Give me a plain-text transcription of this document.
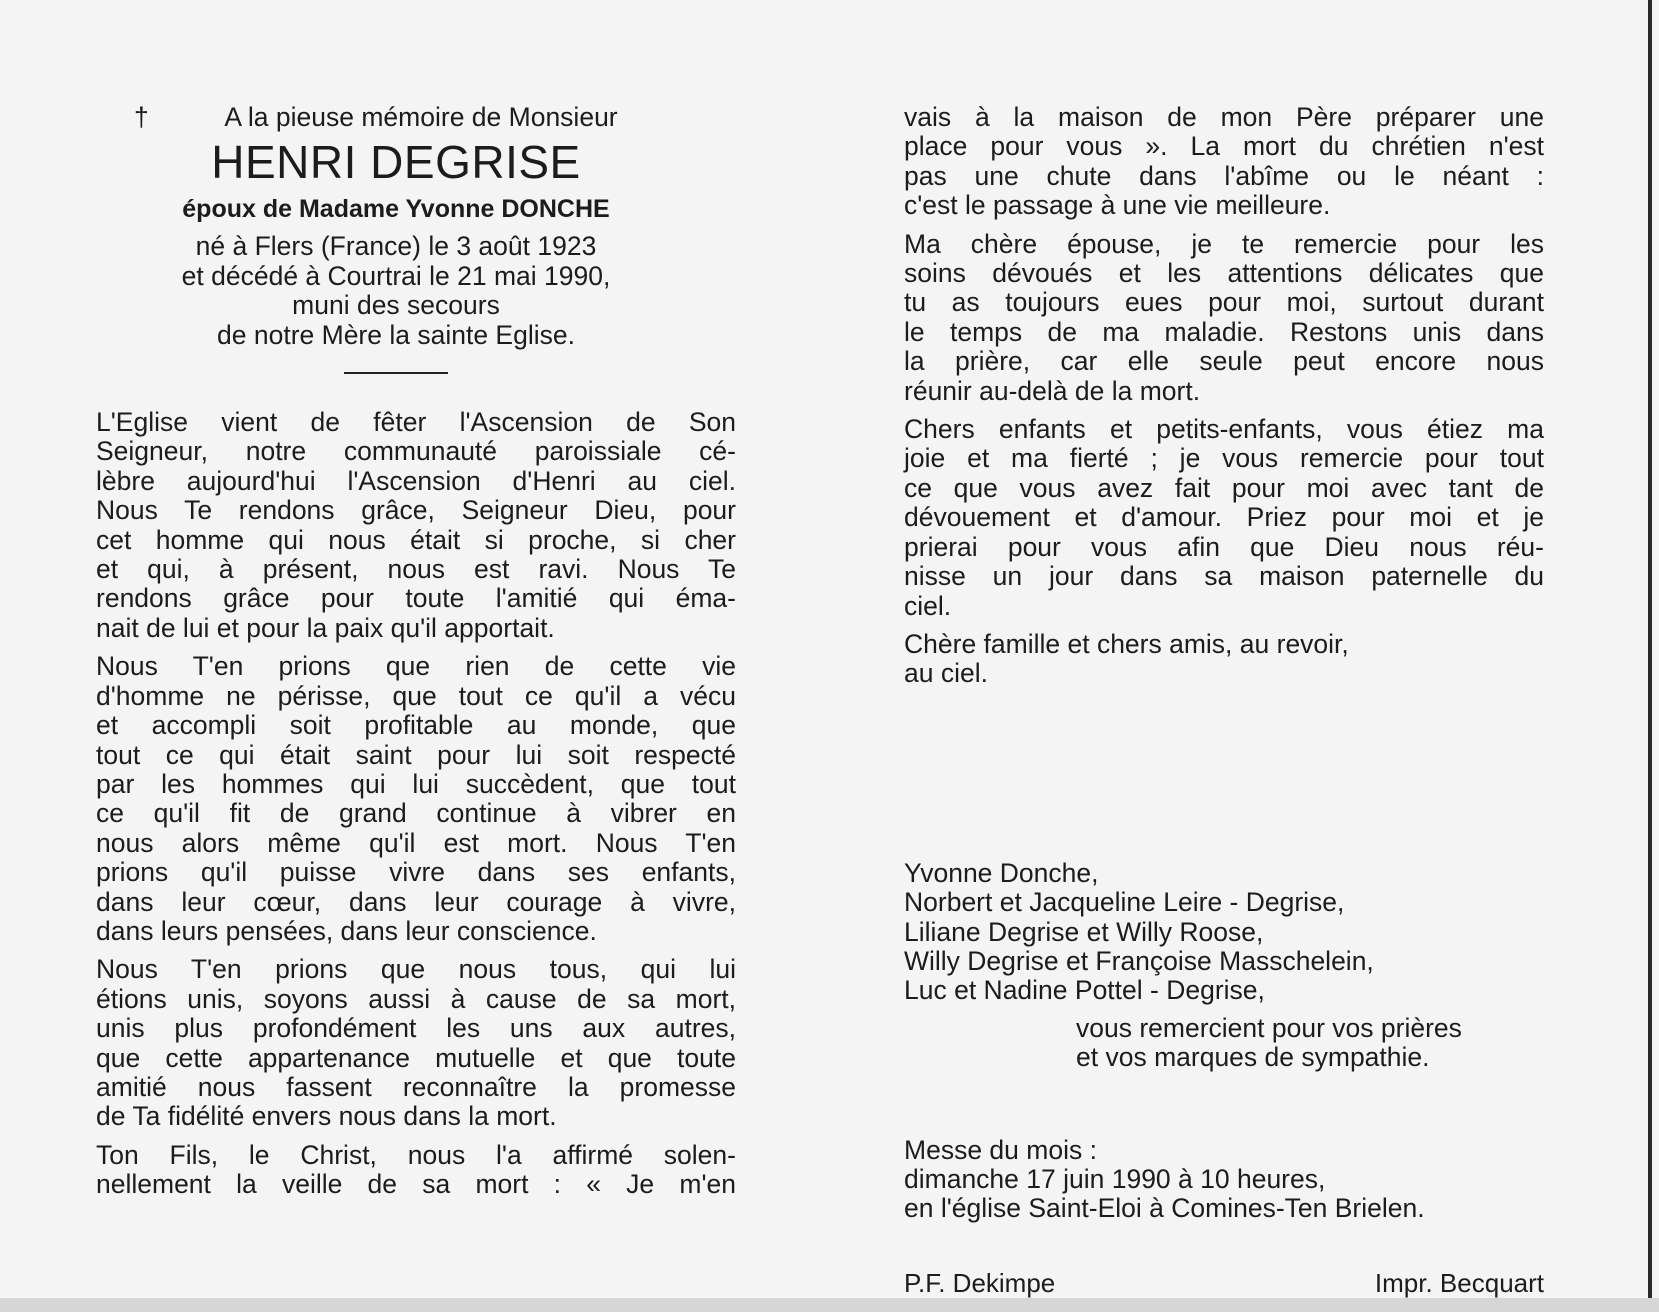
†	A la pieuse mémoire de Monsieur
HENRI DEGRISE
époux de Madame Yvonne DONCHE
né à Flers (France) le 3 août 1923
et décédé à Courtrai le 21 mai 1990,
muni des secours
de notre Mère la sainte Eglise.
L'Eglise vient de fêter l'Ascension de Son
Seigneur, notre communauté paroissiale cé-
lèbre aujourd'hui l'Ascension d'Henri au ciel.
Nous Te rendons grâce, Seigneur Dieu, pour
cet homme qui nous était si proche, si cher
et qui, à présent, nous est ravi. Nous Te
rendons grâce pour toute l'amitié qui éma-
nait de lui et pour la paix qu'il apportait.
Nous T'en prions que rien de cette vie
d'homme ne périsse, que tout ce qu'il a vécu
et accompli soit profitable au monde, que
tout ce qui était saint pour lui soit respecté
par les hommes qui lui succèdent, que tout
ce qu'il fit de grand continue à vibrer en
nous alors même qu'il est mort. Nous T'en
prions qu'il puisse vivre dans ses enfants,
dans leur cœur, dans leur courage à vivre,
dans leurs pensées, dans leur conscience.
Nous T'en prions que nous tous, qui lui
étions unis, soyons aussi à cause de sa mort,
unis plus profondément les uns aux autres,
que cette appartenance mutuelle et que toute
amitié nous fassent reconnaître la promesse
de Ta fidélité envers nous dans la mort.
Ton Fils, le Christ, nous l'a affirmé solen-
nellement la veille de sa mort : « Je m'en
vais à la maison de mon Père préparer une
place pour vous ». La mort du chrétien n'est
pas une chute dans l'abîme ou le néant :
c'est le passage à une vie meilleure.
Ma chère épouse, je te remercie pour les
soins dévoués et les attentions délicates que
tu as toujours eues pour moi, surtout durant
le temps de ma maladie. Restons unis dans
la prière, car elle seule peut encore nous
réunir au-delà de la mort.
Chers enfants et petits-enfants, vous étiez ma
joie et ma fierté ; je vous remercie pour tout
ce que vous avez fait pour moi avec tant de
dévouement et d'amour. Priez pour moi et je
prierai pour vous afin que Dieu nous réu-
nisse un jour dans sa maison paternelle du
ciel.
Chère famille et chers amis, au revoir,
au ciel.
Yvonne Donche,
Norbert et Jacqueline Leire - Degrise,
Liliane Degrise et Willy Roose,
Willy Degrise et Françoise Masschelein,
Luc et Nadine Pottel - Degrise,
vous remercient pour vos prières
et vos marques de sympathie.
Messe du mois :
dimanche 17 juin 1990 à 10 heures,
en l'église Saint-Eloi à Comines-Ten Brielen.
P.F. Dekimpe	Impr. Becquart
